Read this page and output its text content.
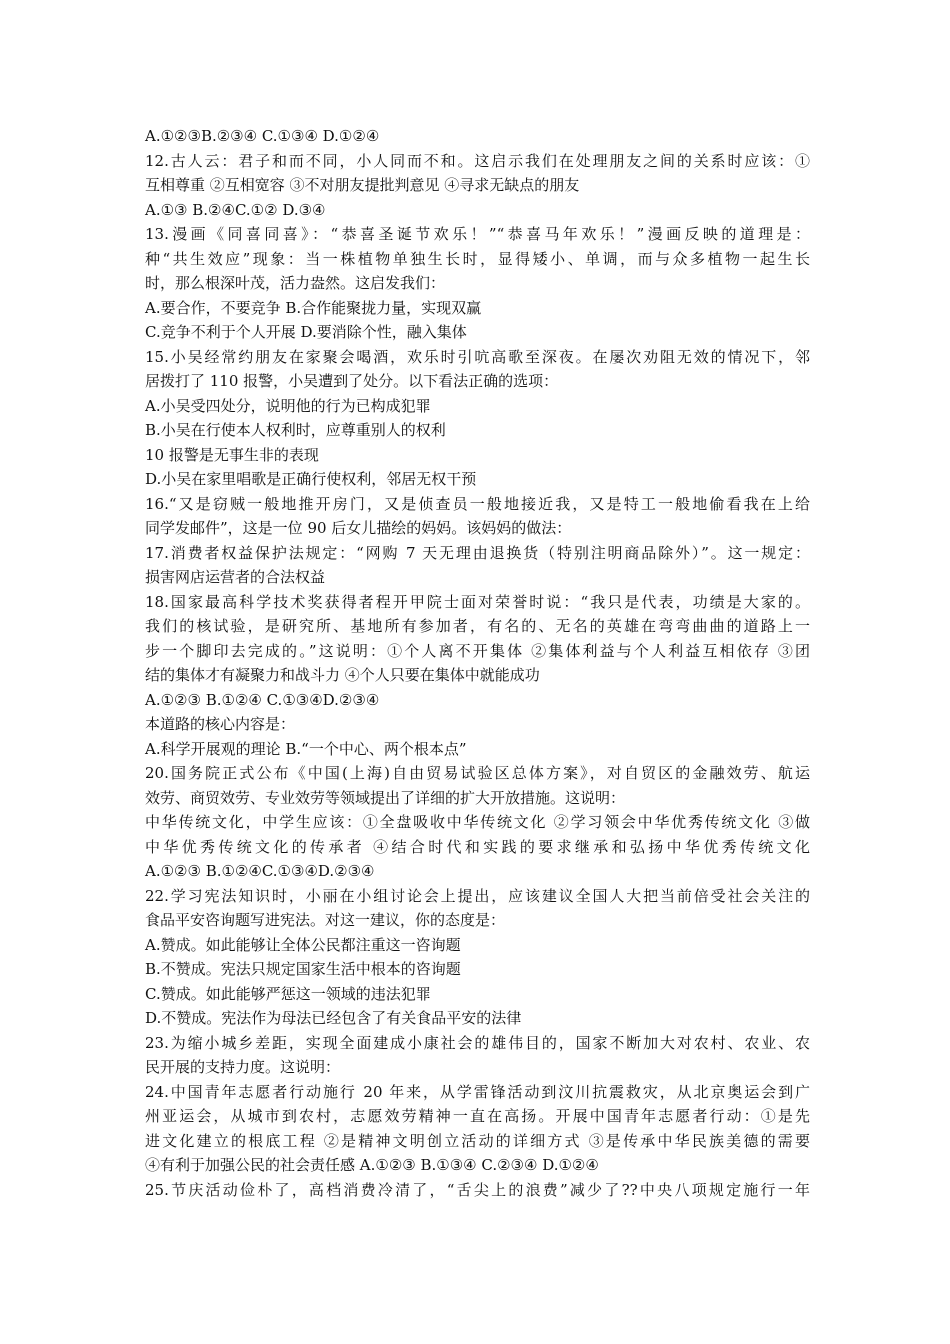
A.①②③B.②③④ C.①③④ D.①②④
12.古人云：君子和而不同，小人同而不和。这启示我们在处理朋友之间的关系时应该：①
互相尊重 ②互相宽容 ③不对朋友提批判意见 ④寻求无缺点的朋友
A.①③ B.②④C.①② D.③④
13.漫画《同喜同喜》：“恭喜圣诞节欢乐！”“恭喜马年欢乐！”漫画反映的道理是：
种“共生效应”现象：当一株植物单独生长时，显得矮小、单调，而与众多植物一起生长
时，那么根深叶茂，活力盎然。这启发我们：
A.要合作，不要竞争 B.合作能聚拢力量，实现双赢
C.竞争不利于个人开展 D.要消除个性，融入集体
15.小吴经常约朋友在家聚会喝酒，欢乐时引吭高歌至深夜。在屡次劝阻无效的情况下，邻
居拨打了 110 报警，小吴遭到了处分。以下看法正确的选项：
A.小吴受四处分，说明他的行为已构成犯罪
B.小吴在行使本人权利时，应尊重别人的权利
10 报警是无事生非的表现
D.小吴在家里唱歌是正确行使权利，邻居无权干预
16.“又是窃贼一般地推开房门，又是侦查员一般地接近我，又是特工一般地偷看我在上给
同学发邮件”，这是一位 90 后女儿描绘的妈妈。该妈妈的做法：
17.消费者权益保护法规定：“网购 7 天无理由退换货（特别注明商品除外）”。这一规定：
损害网店运营者的合法权益
18.国家最高科学技术奖获得者程开甲院士面对荣誉时说：“我只是代表，功绩是大家的。
我们的核试验，是研究所、基地所有参加者，有名的、无名的英雄在弯弯曲曲的道路上一
步一个脚印去完成的。”这说明：①个人离不开集体 ②集体利益与个人利益互相依存 ③团
结的集体才有凝聚力和战斗力 ④个人只要在集体中就能成功
A.①②③ B.①②④ C.①③④D.②③④
本道路的核心内容是：
A.科学开展观的理论 B.“一个中心、两个根本点”
20.国务院正式公布《中国(上海)自由贸易试验区总体方案》，对自贸区的金融效劳、航运
效劳、商贸效劳、专业效劳等领域提出了详细的扩大开放措施。这说明：
中华传统文化，中学生应该：①全盘吸收中华传统文化 ②学习领会中华优秀传统文化 ③做
中华优秀传统文化的传承者 ④结合时代和实践的要求继承和弘扬中华优秀传统文化
A.①②③ B.①②④C.①③④D.②③④
22.学习宪法知识时，小丽在小组讨论会上提出，应该建议全国人大把当前倍受社会关注的
食品平安咨询题写进宪法。对这一建议，你的态度是：
A.赞成。如此能够让全体公民都注重这一咨询题
B.不赞成。宪法只规定国家生活中根本的咨询题
C.赞成。如此能够严惩这一领域的违法犯罪
D.不赞成。宪法作为母法已经包含了有关食品平安的法律
23.为缩小城乡差距，实现全面建成小康社会的雄伟目的，国家不断加大对农村、农业、农
民开展的支持力度。这说明：
24.中国青年志愿者行动施行 20 年来，从学雷锋活动到汶川抗震救灾，从北京奥运会到广
州亚运会，从城市到农村，志愿效劳精神一直在高扬。开展中国青年志愿者行动：①是先
进文化建立的根底工程 ②是精神文明创立活动的详细方式 ③是传承中华民族美德的需要
④有利于加强公民的社会责任感 A.①②③ B.①③④ C.②③④ D.①②④
25.节庆活动俭朴了，高档消费冷清了，“舌尖上的浪费”减少了??中央八项规定施行一年
